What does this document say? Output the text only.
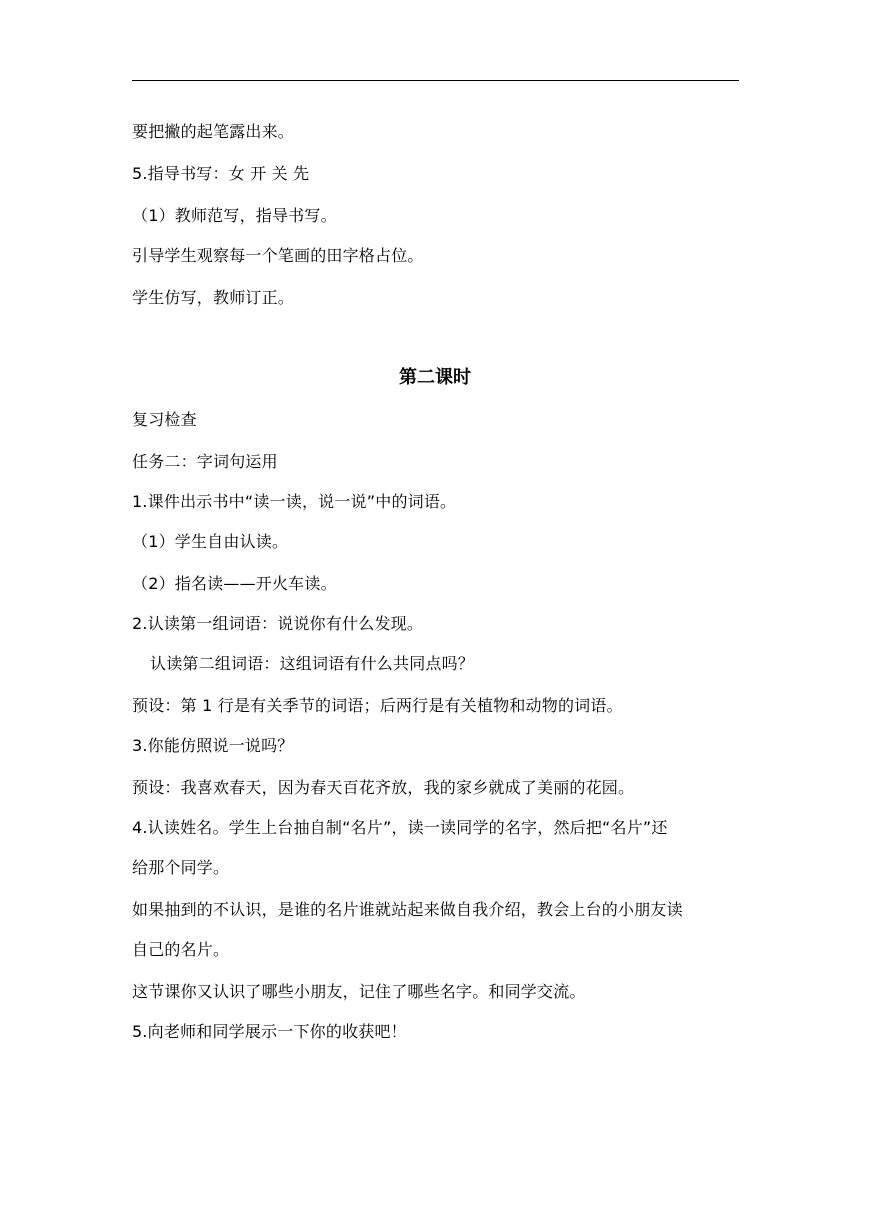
要把撇的起笔露出来。
5.指导书写：女 开 关 先
（1）教师范写，指导书写。
引导学生观察每一个笔画的田字格占位。
学生仿写，教师订正。
第二课时
复习检查
任务二：字词句运用
1.课件出示书中“读一读，说一说”中的词语。
（1）学生自由认读。
（2）指名读——开火车读。
2.认读第一组词语：说说你有什么发现。
认读第二组词语：这组词语有什么共同点吗？
预设：第 1 行是有关季节的词语；后两行是有关植物和动物的词语。
3.你能仿照说一说吗？
预设：我喜欢春天，因为春天百花齐放，我的家乡就成了美丽的花园。
4.认读姓名。学生上台抽自制“名片”，读一读同学的名字，然后把“名片”还
给那个同学。
如果抽到的不认识，是谁的名片谁就站起来做自我介绍，教会上台的小朋友读
自己的名片。
这节课你又认识了哪些小朋友，记住了哪些名字。和同学交流。
5.向老师和同学展示一下你的收获吧！
